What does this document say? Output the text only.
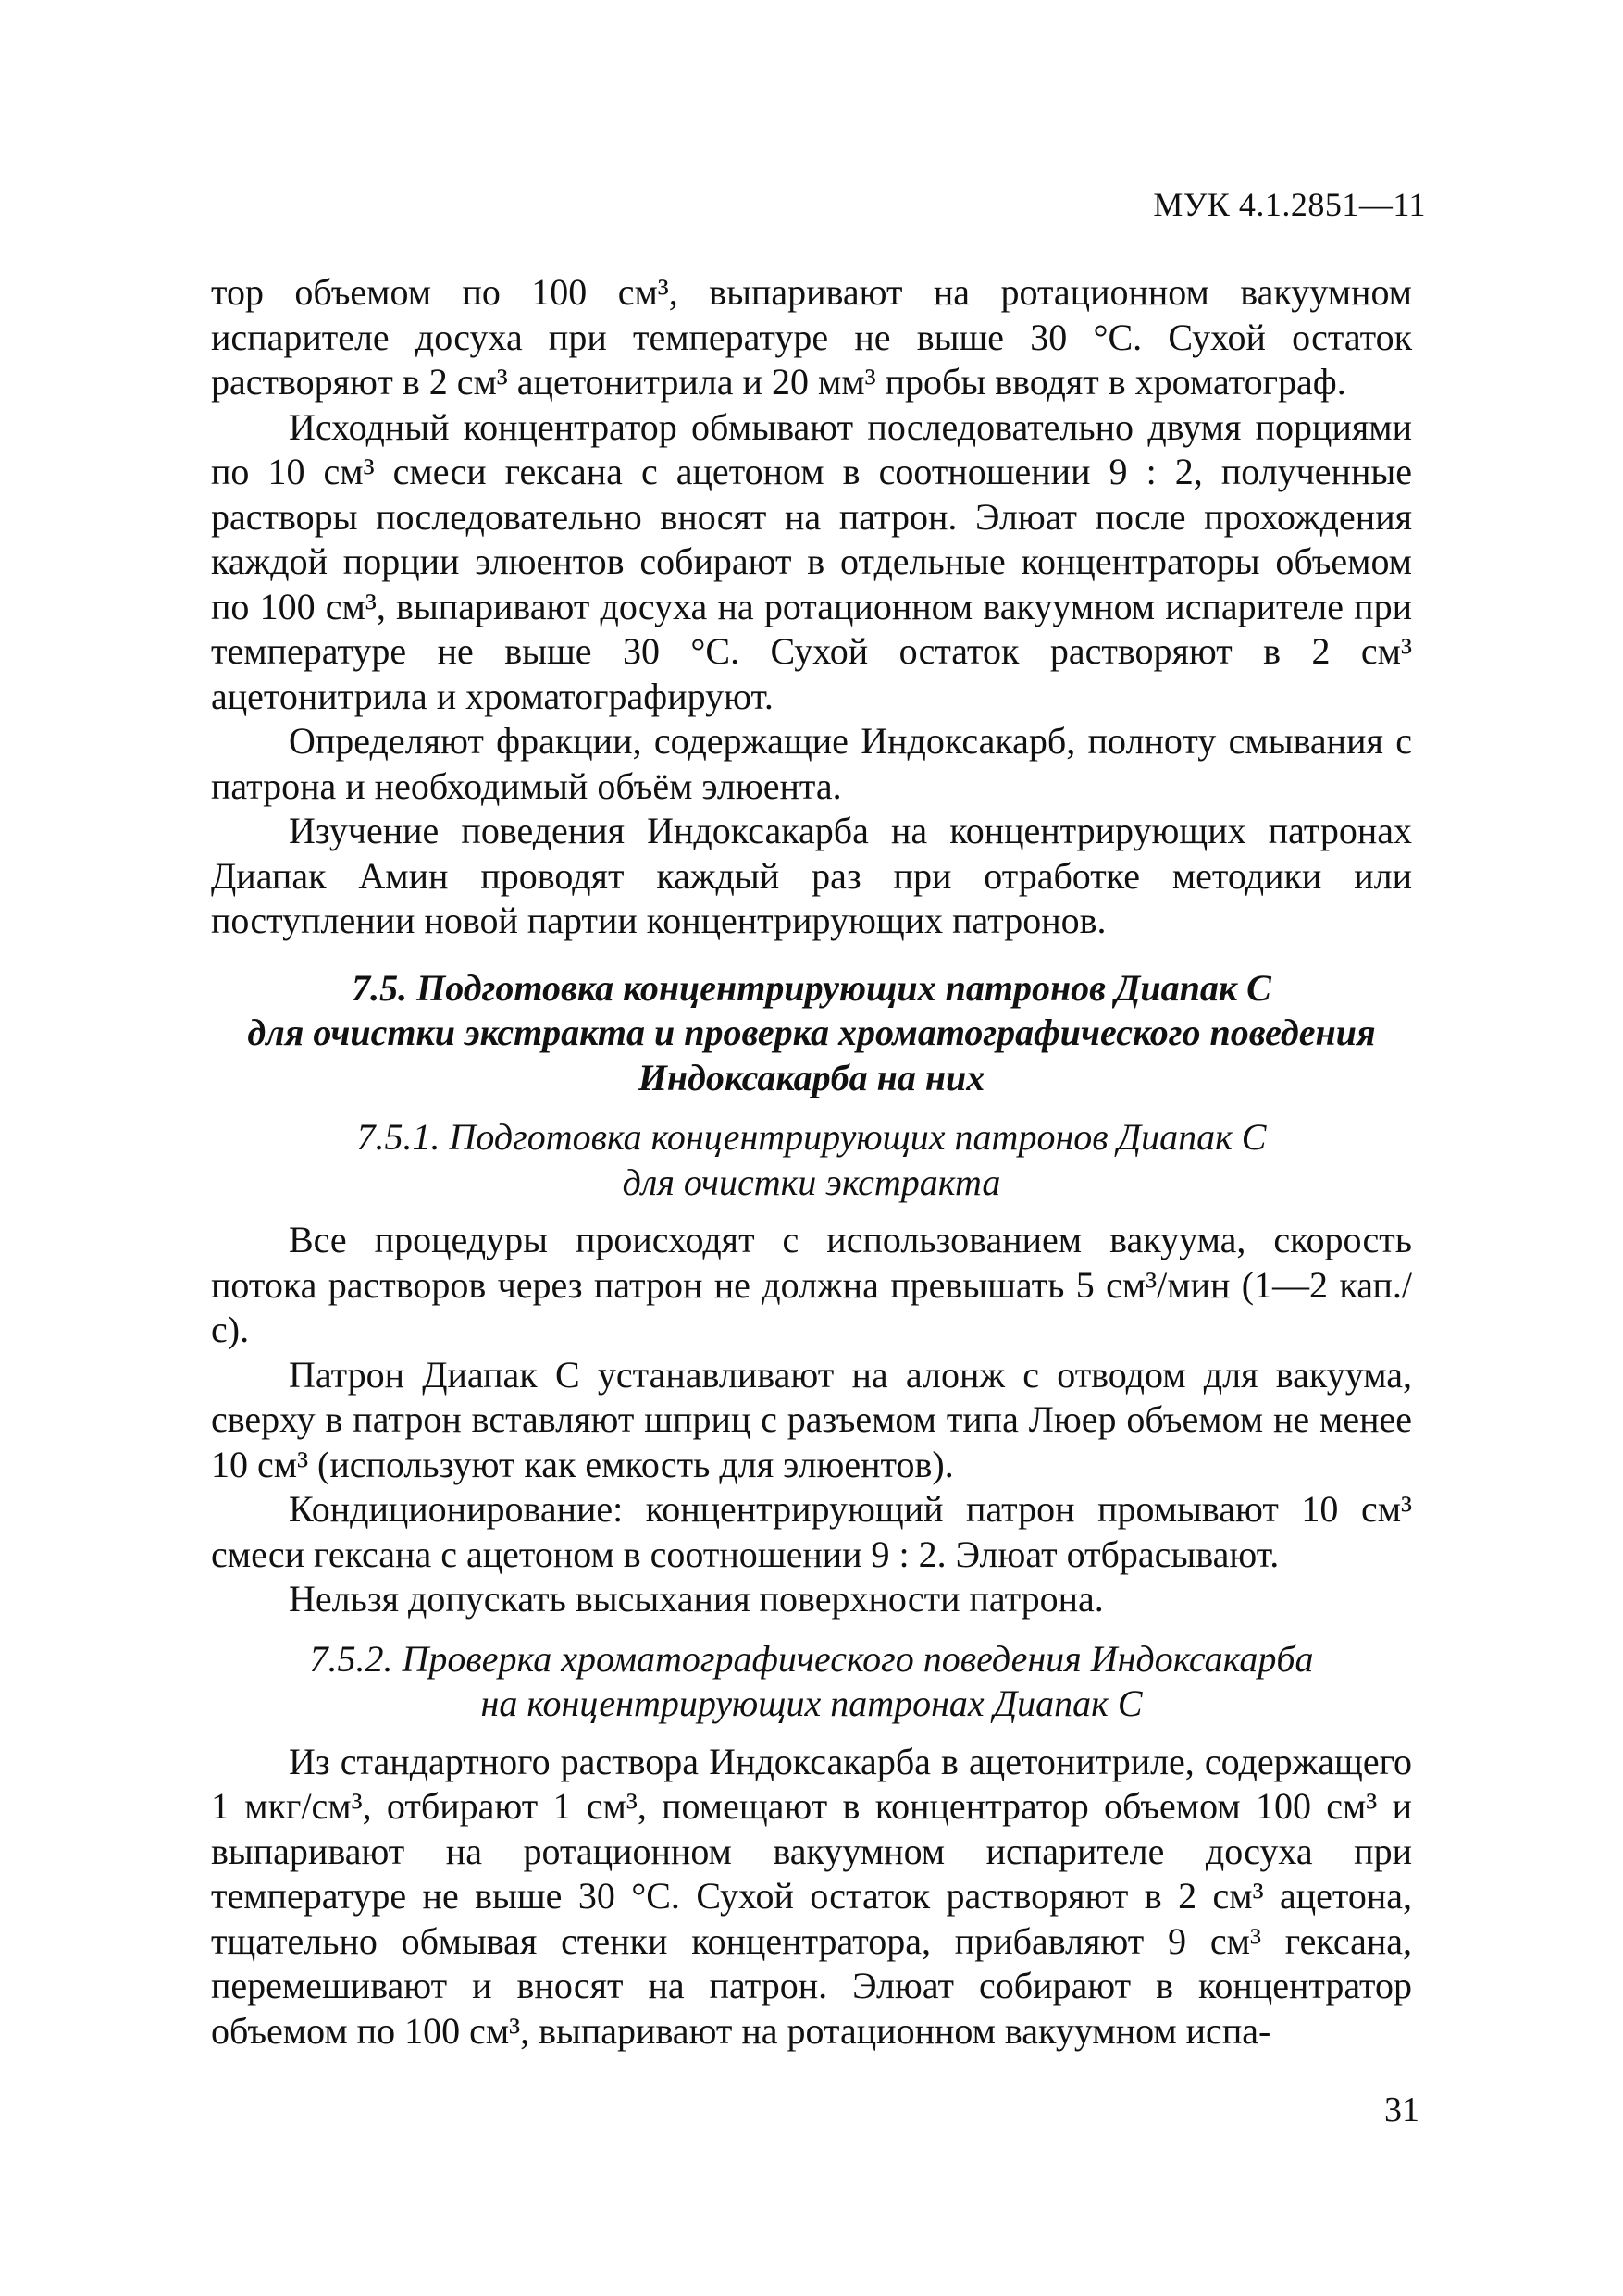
МУК 4.1.2851—11

тор объемом по 100 см³, выпаривают на ротационном вакуумном испарителе досуха при температуре не выше 30 °С. Сухой остаток растворяют в 2 см³ ацетонитрила и 20 мм³ пробы вводят в хроматограф.

Исходный концентратор обмывают последовательно двумя порциями по 10 см³ смеси гексана с ацетоном в соотношении 9 : 2, полученные растворы последовательно вносят на патрон. Элюат после прохождения каждой порции элюентов собирают в отдельные концентраторы объемом по 100 см³, выпаривают досуха на ротационном вакуумном испарителе при температуре не выше 30 °С. Сухой остаток растворяют в 2 см³ ацетонитрила и хроматографируют.

Определяют фракции, содержащие Индоксакарб, полноту смывания с патрона и необходимый объём элюента.

Изучение поведения Индоксакарба на концентрирующих патронах Диапак Амин проводят каждый раз при отработке методики или поступлении новой партии концентрирующих патронов.

7.5. Подготовка концентрирующих патронов Диапак С
для очистки экстракта и проверка хроматографического поведения
Индоксакарба на них
7.5.1. Подготовка концентрирующих патронов Диапак С
для очистки экстракта

Все процедуры происходят с использованием вакуума, скорость потока растворов через патрон не должна превышать 5 см³/мин (1—2 кап./с).

Патрон Диапак С устанавливают на алонж с отводом для вакуума, сверху в патрон вставляют шприц с разъемом типа Люер объемом не менее 10 см³ (используют как емкость для элюентов).

Кондиционирование: концентрирующий патрон промывают 10 см³ смеси гексана с ацетоном в соотношении 9 : 2. Элюат отбрасывают.

Нельзя допускать высыхания поверхности патрона.

7.5.2. Проверка хроматографического поведения Индоксакарба
на концентрирующих патронах Диапак С

Из стандартного раствора Индоксакарба в ацетонитриле, содержащего 1 мкг/см³, отбирают 1 см³, помещают в концентратор объемом 100 см³ и выпаривают на ротационном вакуумном испарителе досуха при температуре не выше 30 °С. Сухой остаток растворяют в 2 см³ ацетона, тщательно обмывая стенки концентратора, прибавляют 9 см³ гексана, перемешивают и вносят на патрон. Элюат собирают в концентратор объемом по 100 см³, выпаривают на ротационном вакуумном испа-

31
